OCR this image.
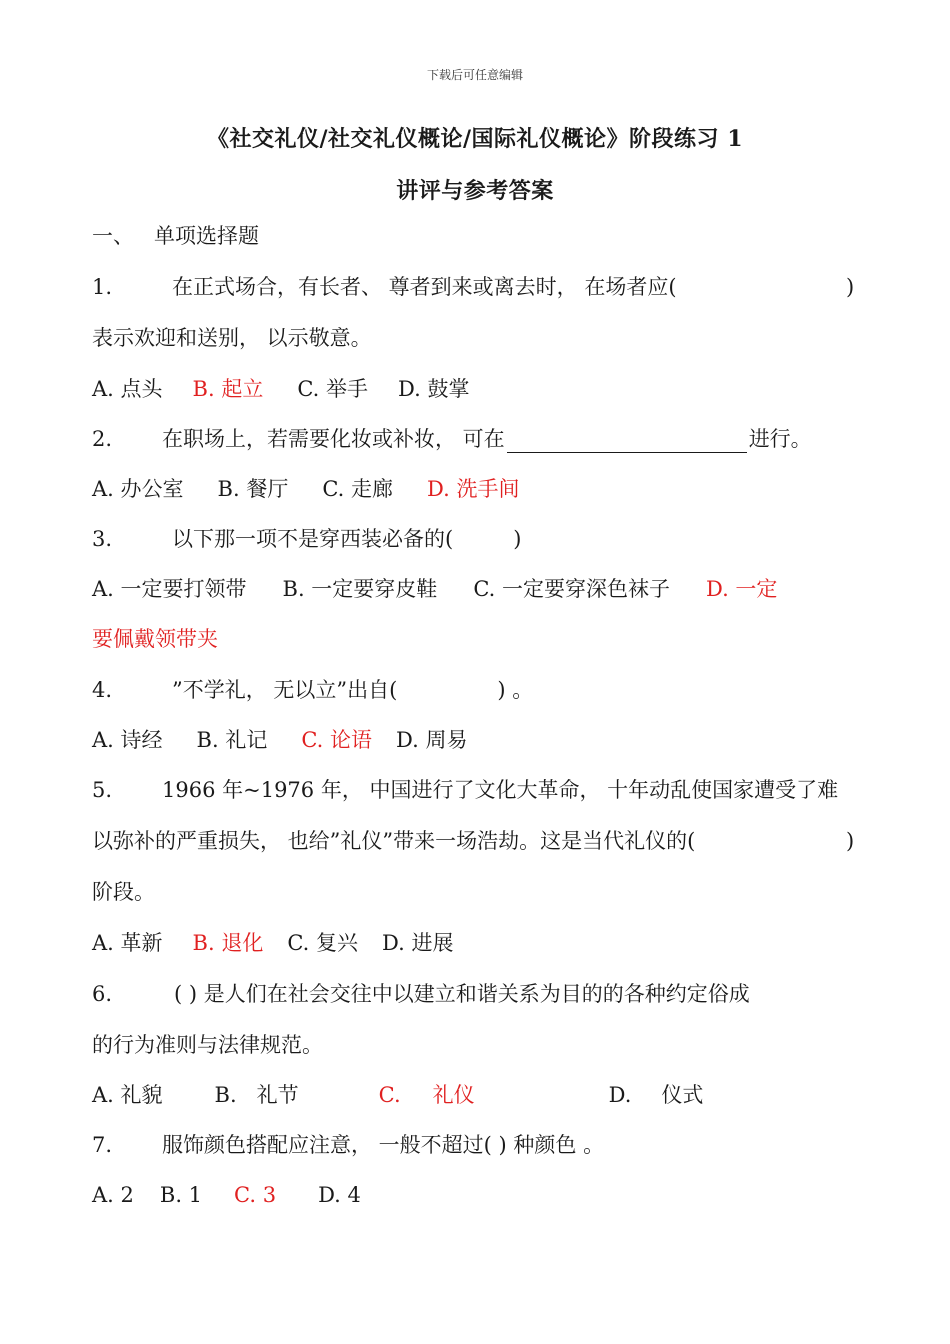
下载后可任意编辑
《社交礼仪/社交礼仪概论/国际礼仪概论》阶段练习 1
讲评与参考答案
一、 单项选择题
1.	在正式场合，有长者、 尊者到来或离去时， 在场者应(	)
表示欢迎和送别， 以示敬意。
A. 点头 B. 起立 C. 举手 D. 鼓掌
2. 在职场上，若需要化妆或补妆， 可在	进行。
A. 办公室 B. 餐厅 C. 走廊 D. 洗手间
3.	以下那一项不是穿西装必备的(	)
A. 一定要打领带 B. 一定要穿皮鞋 C. 一定要穿深色袜子 D. 一定
要佩戴领带夹
4.	”不学礼， 无以立”出自(	) 。
A. 诗经 B. 礼记 C. 论语 D. 周易
5. 1966 年~1976 年， 中国进行了文化大革命， 十年动乱使国家遭受了难
以弥补的严重损失， 也给”礼仪”带来一场浩劫。这是当代礼仪的(	)
阶段。
A. 革新 B. 退化 C. 复兴 D. 进展
6.	( ) 是人们在社会交往中以建立和谐关系为目的的各种约定俗成
的行为准则与法律规范。
A. 礼貌 B. 礼节	C. 礼仪	D. 仪式
7. 服饰颜色搭配应注意， 一般不超过( ) 种颜色 。
A. 2 B. 1 C. 3 D. 4
